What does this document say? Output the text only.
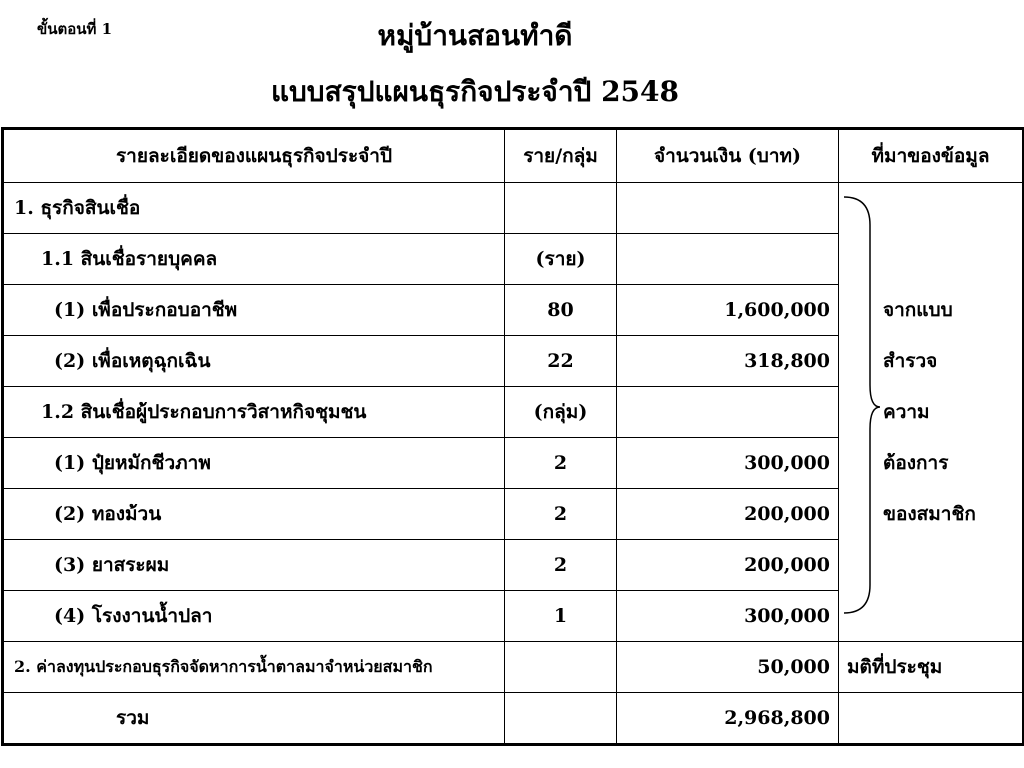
ขั้นตอนที่ 1	หมู่บ้านสอนทำดี
แบบสรุปแผนธุรกิจประจำปี 2548
รายละเอียดของแผนธุรกิจประจำปี	ราย/กลุ่ม	จำนวนเงิน (บาท)	ที่มาของข้อมูล
1. ธุรกิจสินเชื่อ			
1.1 สินเชื่อรายบุคคล	(ราย)		
(1) เพื่อประกอบอาชีพ	80	1,600,000	จากแบบ
(2) เพื่อเหตุฉุกเฉิน	22	318,800	สำรวจ
1.2 สินเชื่อผู้ประกอบการวิสาหกิจชุมชน	(กลุ่ม)		ความ
(1) ปุ๋ยหมักชีวภาพ	2	300,000	ต้องการ
(2) ทองม้วน	2	200,000	ของสมาชิก
(3) ยาสระผม	2	200,000	
(4) โรงงานน้ำปลา	1	300,000	
2. ค่าลงทุนประกอบธุรกิจจัดหาการน้ำตาลมาจำหน่วยสมาชิก		50,000	มติที่ประชุม
รวม		2,968,800	
